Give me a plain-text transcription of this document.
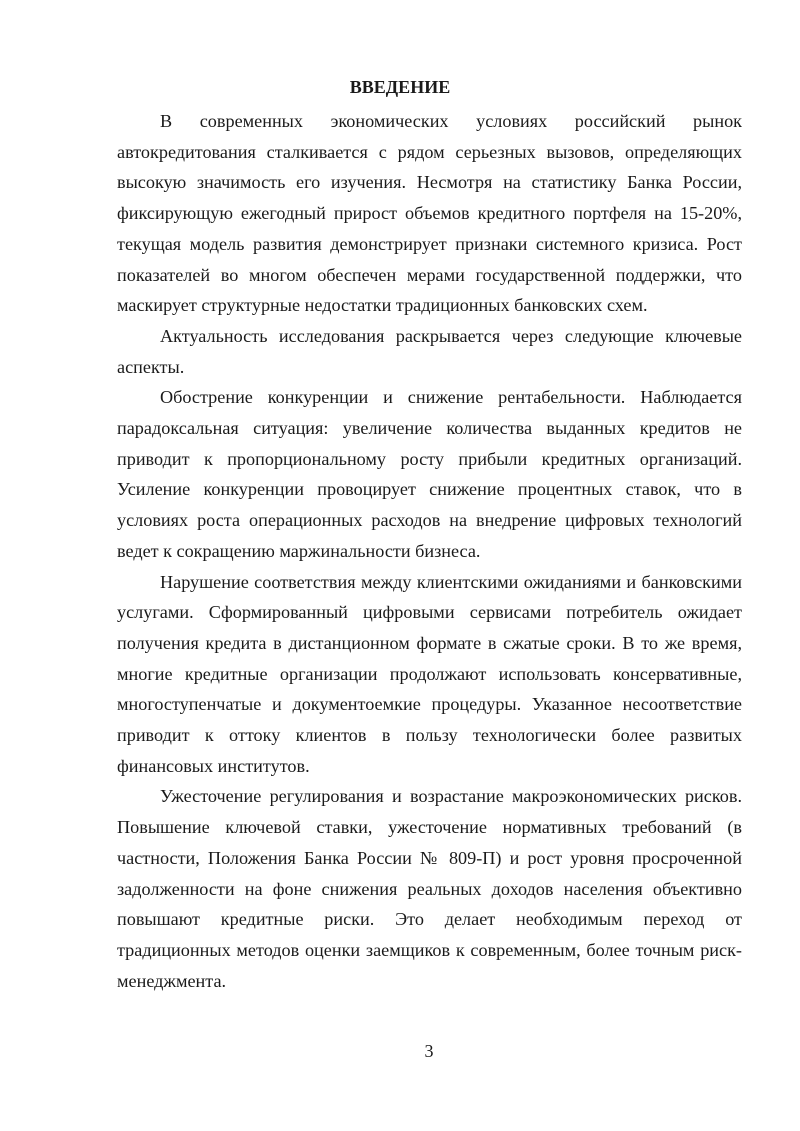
ВВЕДЕНИЕ

В современных экономических условиях российский рынок автокредитования сталкивается с рядом серьезных вызовов, определяющих высокую значимость его изучения. Несмотря на статистику Банка России, фиксирующую ежегодный прирост объемов кредитного портфеля на 15-20%, текущая модель развития демонстрирует признаки системного кризиса. Рост показателей во многом обеспечен мерами государственной поддержки, что маскирует структурные недостатки традиционных банковских схем.

Актуальность исследования раскрывается через следующие ключевые аспекты.

Обострение конкуренции и снижение рентабельности. Наблюдается парадоксальная ситуация: увеличение количества выданных кредитов не приводит к пропорциональному росту прибыли кредитных организаций. Усиление конкуренции провоцирует снижение процентных ставок, что в условиях роста операционных расходов на внедрение цифровых технологий ведет к сокращению маржинальности бизнеса.

Нарушение соответствия между клиентскими ожиданиями и банковскими услугами. Сформированный цифровыми сервисами потребитель ожидает получения кредита в дистанционном формате в сжатые сроки. В то же время, многие кредитные организации продолжают использовать консервативные, многоступенчатые и документоемкие процедуры. Указанное несоответствие приводит к оттоку клиентов в пользу технологически более развитых финансовых институтов.

Ужесточение регулирования и возрастание макроэкономических рисков. Повышение ключевой ставки, ужесточение нормативных требований (в частности, Положения Банка России № 809-П) и рост уровня просроченной задолженности на фоне снижения реальных доходов населения объективно повышают кредитные риски. Это делает необходимым переход от традиционных методов оценки заемщиков к современным, более точным риск-менеджмента.

3
